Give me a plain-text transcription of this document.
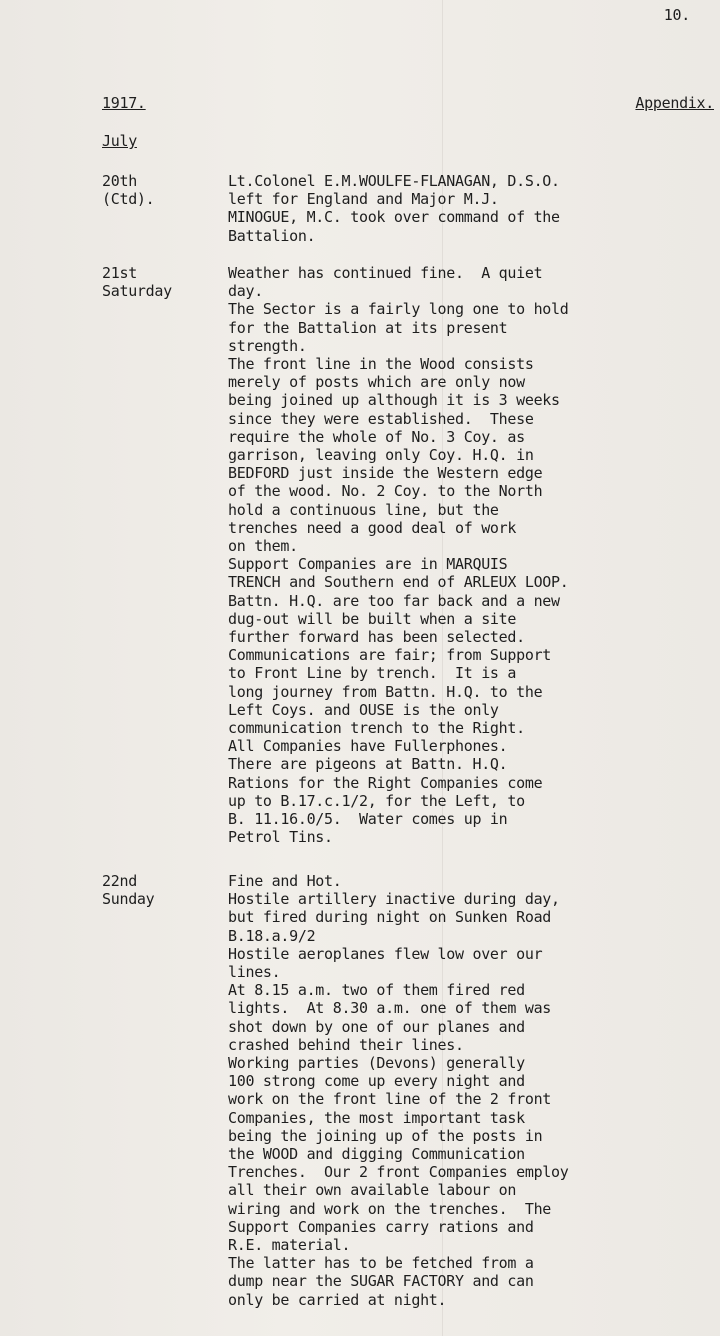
10.
1917.	Appendix.
July
20th
(Ctd).
Lt.Colonel E.M.WOULFE-FLANAGAN, D.S.O.
left for England and Major M.J.
MINOGUE, M.C. took over command of the
Battalion.
21st
Saturday
Weather has continued fine.  A quiet
day.
The Sector is a fairly long one to hold
for the Battalion at its present
strength.
The front line in the Wood consists
merely of posts which are only now
being joined up although it is 3 weeks
since they were established.  These
require the whole of No. 3 Coy. as
garrison, leaving only Coy. H.Q. in
BEDFORD just inside the Western edge
of the wood. No. 2 Coy. to the North
hold a continuous line, but the
trenches need a good deal of work
on them.
Support Companies are in MARQUIS
TRENCH and Southern end of ARLEUX LOOP.
Battn. H.Q. are too far back and a new
dug-out will be built when a site
further forward has been selected.
Communications are fair; from Support
to Front Line by trench.  It is a
long journey from Battn. H.Q. to the
Left Coys. and OUSE is the only
communication trench to the Right.
All Companies have Fullerphones.
There are pigeons at Battn. H.Q.
Rations for the Right Companies come
up to B.17.c.1/2, for the Left, to
B. 11.16.0/5.  Water comes up in
Petrol Tins.
22nd
Sunday
Fine and Hot.
Hostile artillery inactive during day,
but fired during night on Sunken Road
B.18.a.9/2
Hostile aeroplanes flew low over our
lines.
At 8.15 a.m. two of them fired red
lights.  At 8.30 a.m. one of them was
shot down by one of our planes and
crashed behind their lines.
Working parties (Devons) generally
100 strong come up every night and
work on the front line of the 2 front
Companies, the most important task
being the joining up of the posts in
the WOOD and digging Communication
Trenches.  Our 2 front Companies employ
all their own available labour on
wiring and work on the trenches.  The
Support Companies carry rations and
R.E. material.
The latter has to be fetched from a
dump near the SUGAR FACTORY and can
only be carried at night.
